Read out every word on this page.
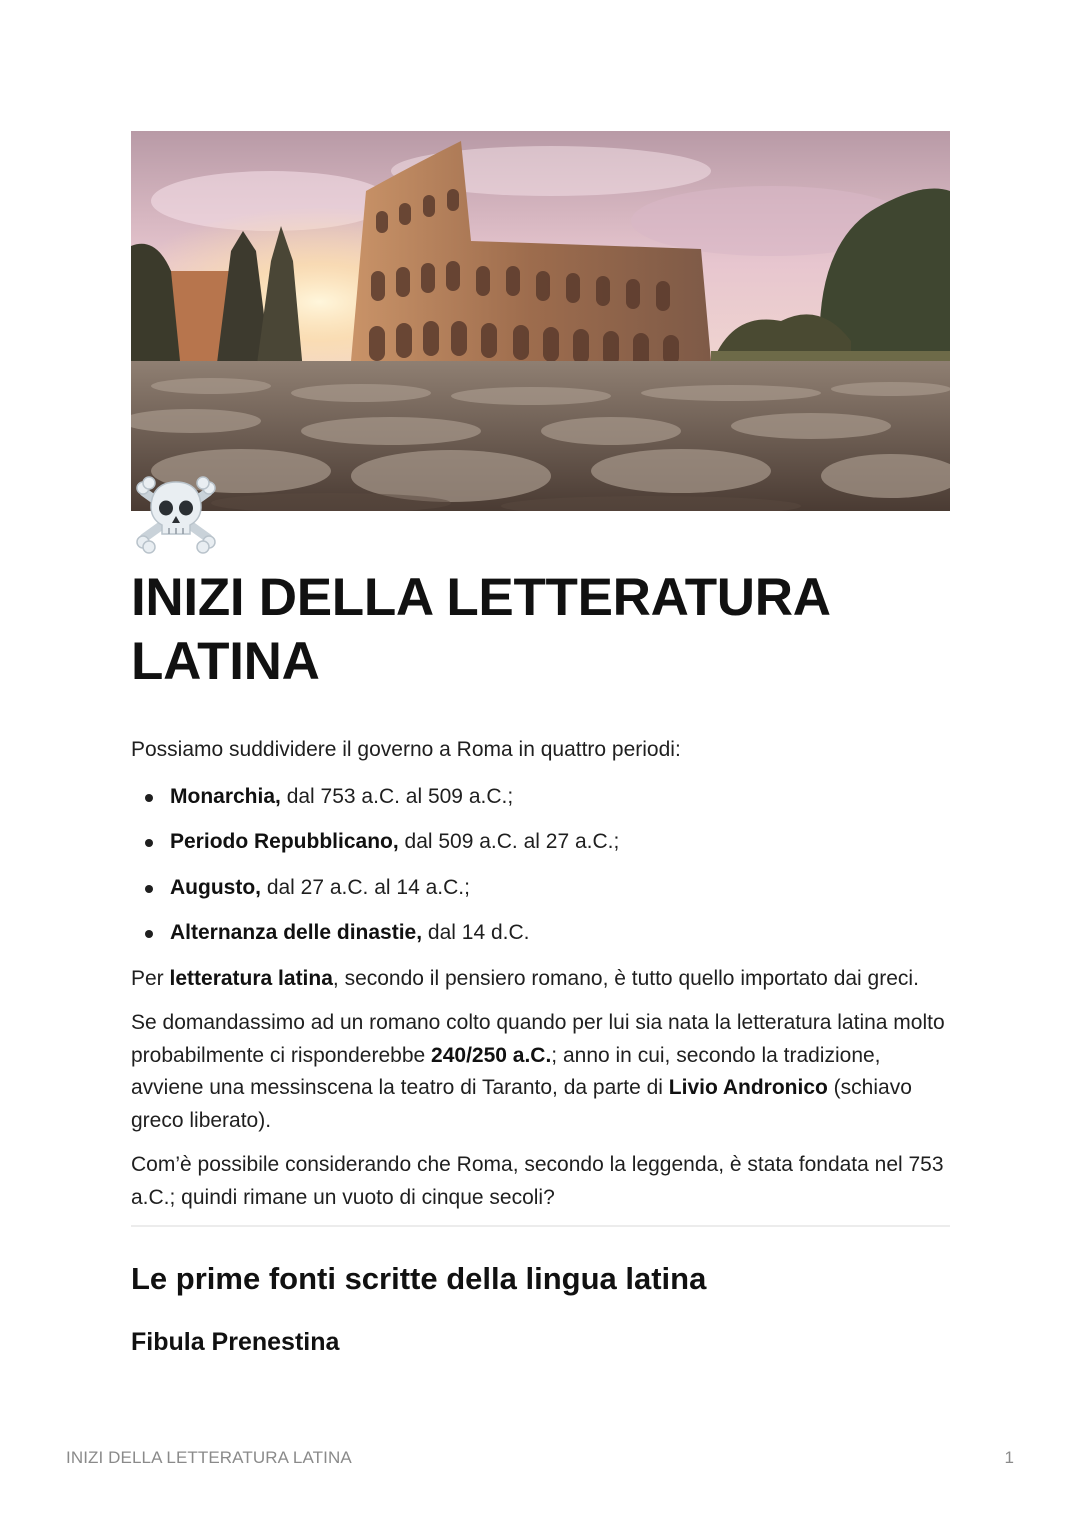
INIZI DELLA LETTERATURA LATINA

Possiamo suddividere il governo a Roma in quattro periodi:

Monarchia, dal 753 a.C. al 509 a.C.;
Periodo Repubblicano, dal 509 a.C. al 27 a.C.;
Augusto, dal 27 a.C. al 14 a.C.;
Alternanza delle dinastie, dal 14 d.C.

Per letteratura latina, secondo il pensiero romano, è tutto quello importato dai greci.

Se domandassimo ad un romano colto quando per lui sia nata la letteratura latina molto probabilmente ci risponderebbe 240/250 a.C.; anno in cui, secondo la tradizione, avviene una messinscena la teatro di Taranto, da parte di Livio Andronico (schiavo greco liberato).

Com’è possibile considerando che Roma, secondo la leggenda, è stata fondata nel 753 a.C.; quindi rimane un vuoto di cinque secoli?

Le prime fonti scritte della lingua latina
Fibula Prenestina
INIZI DELLA LETTERATURA LATINA	1
